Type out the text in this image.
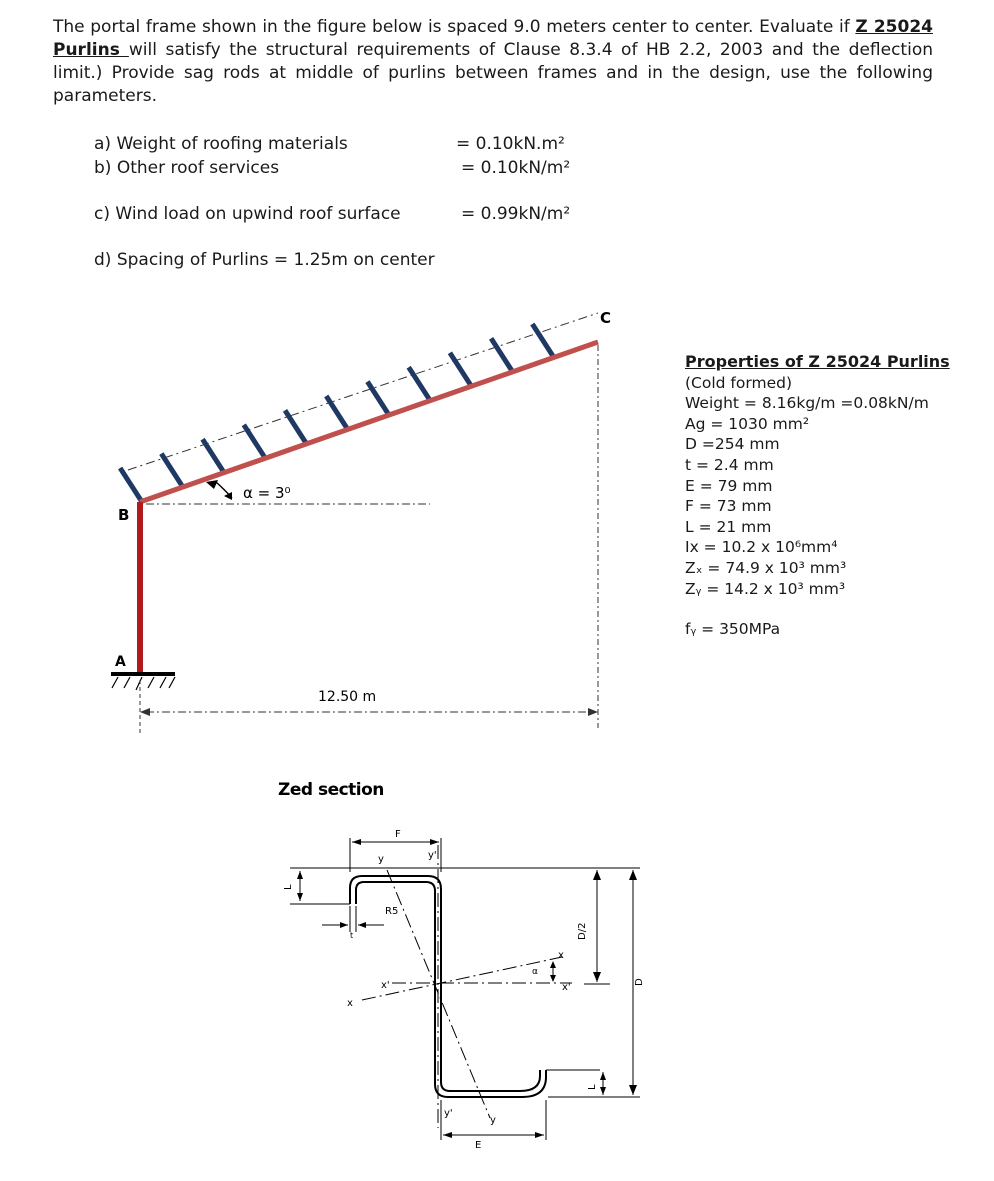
The portal frame shown in the figure below is spaced 9.0 meters center to center. Evaluate if Z 25024 Purlins will satisfy the structural requirements of Clause 8.3.4 of HB 2.2, 2003 and the deflection limit.) Provide sag rods at middle of purlins between frames and in the design, use the following parameters.

a) Weight of roofing materials	= 0.10kN.m²
b) Other roof services	= 0.10kN/m²
c) Wind load on upwind roof surface	= 0.99kN/m²
d) Spacing of Purlins = 1.25m on center
Properties of Z 25024 Purlins
(Cold formed)
Weight = 8.16kg/m =0.08kN/m
Ag = 1030 mm²
D =254 mm
t = 2.4 mm
E = 79 mm
F = 73 mm
L = 21 mm
Ix = 10.2 x 10⁶mm⁴
Zₓ = 74.9 x 10³ mm³
Zᵧ = 14.2 x 10³ mm³
fᵧ = 350MPa
12.50 m
α = 3⁰
B
A
C
Zed section
D
D/2
F
E
L
L
t
R5
y
y
y'
y'
x
x
x'	x'
α
